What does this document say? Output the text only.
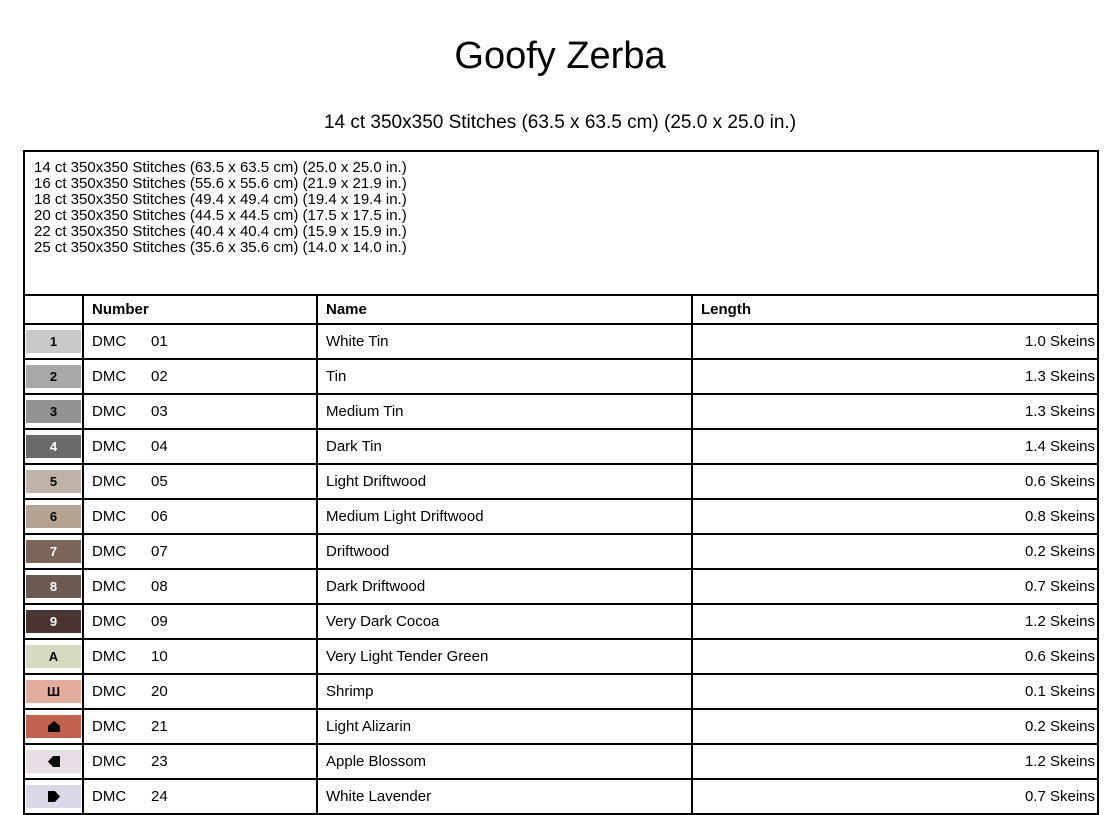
Goofy Zerba
14 ct 350x350 Stitches (63.5 x 63.5 cm) (25.0 x 25.0 in.)
14 ct 350x350 Stitches (63.5 x 63.5 cm) (25.0 x 25.0 in.)
16 ct 350x350 Stitches (55.6 x 55.6 cm) (21.9 x 21.9 in.)
18 ct 350x350 Stitches (49.4 x 49.4 cm) (19.4 x 19.4 in.)
20 ct 350x350 Stitches (44.5 x 44.5 cm) (17.5 x 17.5 in.)
22 ct 350x350 Stitches (40.4 x 40.4 cm) (15.9 x 15.9 in.)
25 ct 350x350 Stitches (35.6 x 35.6 cm) (14.0 x 14.0 in.)
	Number	Name	Length

1	DMC 01	White Tin	1.0 Skeins

2	DMC 02	Tin	1.3 Skeins

3	DMC 03	Medium Tin	1.3 Skeins

4	DMC 04	Dark Tin	1.4 Skeins

5	DMC 05	Light Driftwood	0.6 Skeins

6	DMC 06	Medium Light Driftwood	0.8 Skeins

7	DMC 07	Driftwood	0.2 Skeins

8	DMC 08	Dark Driftwood	0.7 Skeins

9	DMC 09	Very Dark Cocoa	1.2 Skeins

A	DMC 10	Very Light Tender Green	0.6 Skeins

Ш	DMC 20	Shrimp	0.1 Skeins

	DMC 21	Light Alizarin	0.2 Skeins

	DMC 23	Apple Blossom	1.2 Skeins

	DMC 24	White Lavender	0.7 Skeins
